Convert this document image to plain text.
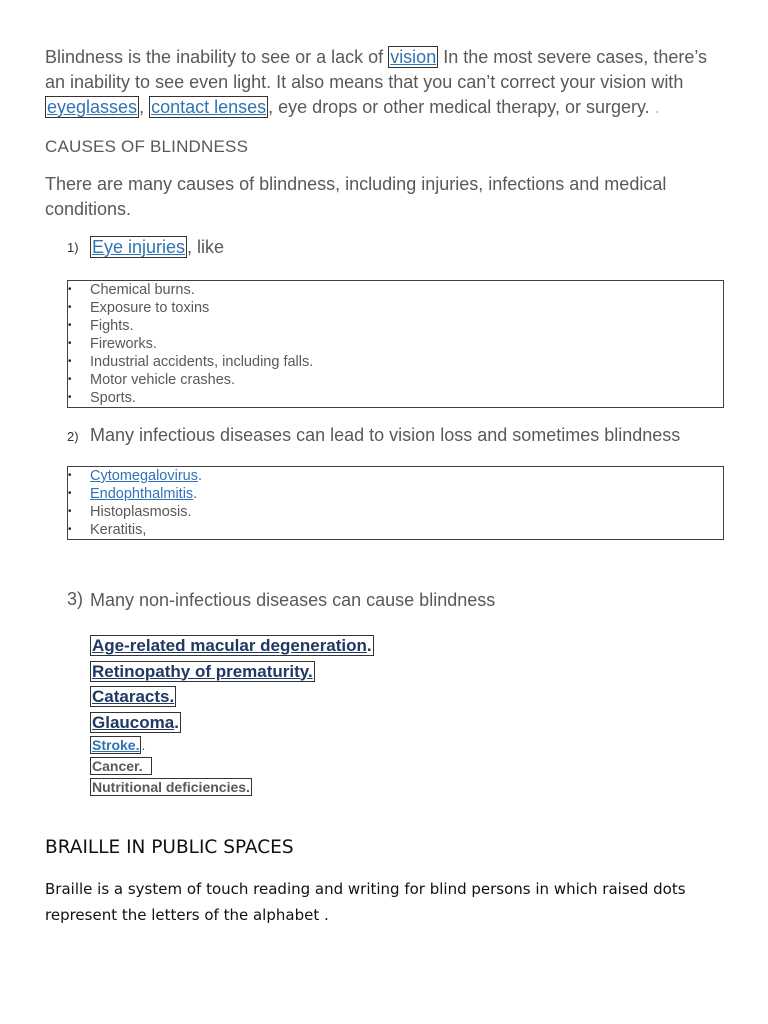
Blindness is the inability to see or a lack of vision In the most severe cases, there’s an inability to see even light. It also means that you can’t correct your vision with eyeglasses , contact lenses , eye drops or other medical therapy, or surgery. .
CAUSES OF BLINDNESS
There are many causes of blindness, including injuries, infections and medical conditions.
1) Eye injuries , like
• Chemical burns.
• Exposure to toxins
• Fights.
• Fireworks.
• Industrial accidents, including falls.
• Motor vehicle crashes.
• Sports.
2) Many infectious diseases can lead to vision loss and sometimes blindness
• Cytomegalovirus.
• Endophthalmitis.
• Histoplasmosis.
• Keratitis,
3) Many non-infectious diseases can cause blindness
Age-related macular degeneration.
Retinopathy of prematurity.
Cataracts.
Glaucoma.
Stroke. .
Cancer.
Nutritional deficiencies.
BRAILLE IN PUBLIC SPACES
Braille is a system of touch reading and writing for blind persons in which raised dots represent the letters of the alphabet .
